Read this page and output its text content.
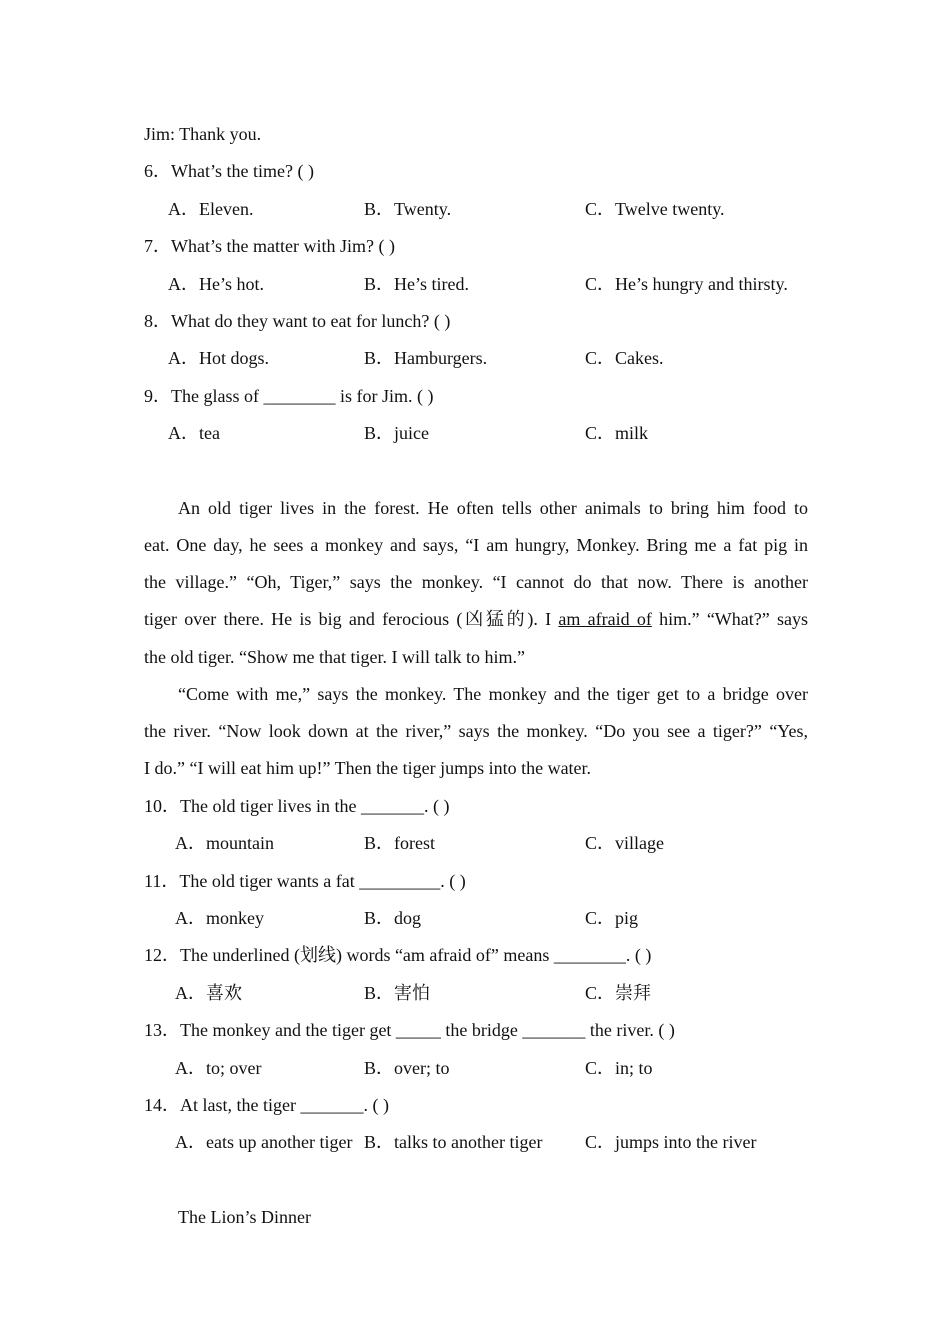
Jim: Thank you.
6．What’s the time? ( )
A．Eleven.	B．Twenty.	C．Twelve twenty.
7．What’s the matter with Jim? ( )
A．He’s hot.	B．He’s tired.	C．He’s hungry and thirsty.
8．What do they want to eat for lunch? ( )
A．Hot dogs.	B．Hamburgers.	C．Cakes.
9．The glass of ________ is for Jim. ( )
A．tea	B．juice	C．milk
An old tiger lives in the forest. He often tells other animals to bring him food to
eat. One day, he sees a monkey and says, “I am hungry, Monkey. Bring me a fat pig in
the village.” “Oh, Tiger,” says the monkey. “I cannot do that now. There is another
tiger over there. He is big and ferocious (凶猛的). I am afraid of him.” “What?” says
the old tiger. “Show me that tiger. I will talk to him.”
“Come with me,” says the monkey. The monkey and the tiger get to a bridge over
the river. “Now look down at the river,” says the monkey. “Do you see a tiger?” “Yes,
I do.” “I will eat him up!” Then the tiger jumps into the water.
10．The old tiger lives in the _______. ( )
A．mountain	B．forest	C．village
11．The old tiger wants a fat _________. ( )
A．monkey	B．dog	C．pig
12．The underlined (划线) words “am afraid of” means ________. ( )
A．喜欢	B．害怕	C．崇拜
13．The monkey and the tiger get _____ the bridge _______ the river. ( )
A．to; over	B．over; to	C．in; to
14．At last, the tiger _______. ( )
A．eats up another tiger B．talks to another tiger C．jumps into the river
The Lion’s Dinner
